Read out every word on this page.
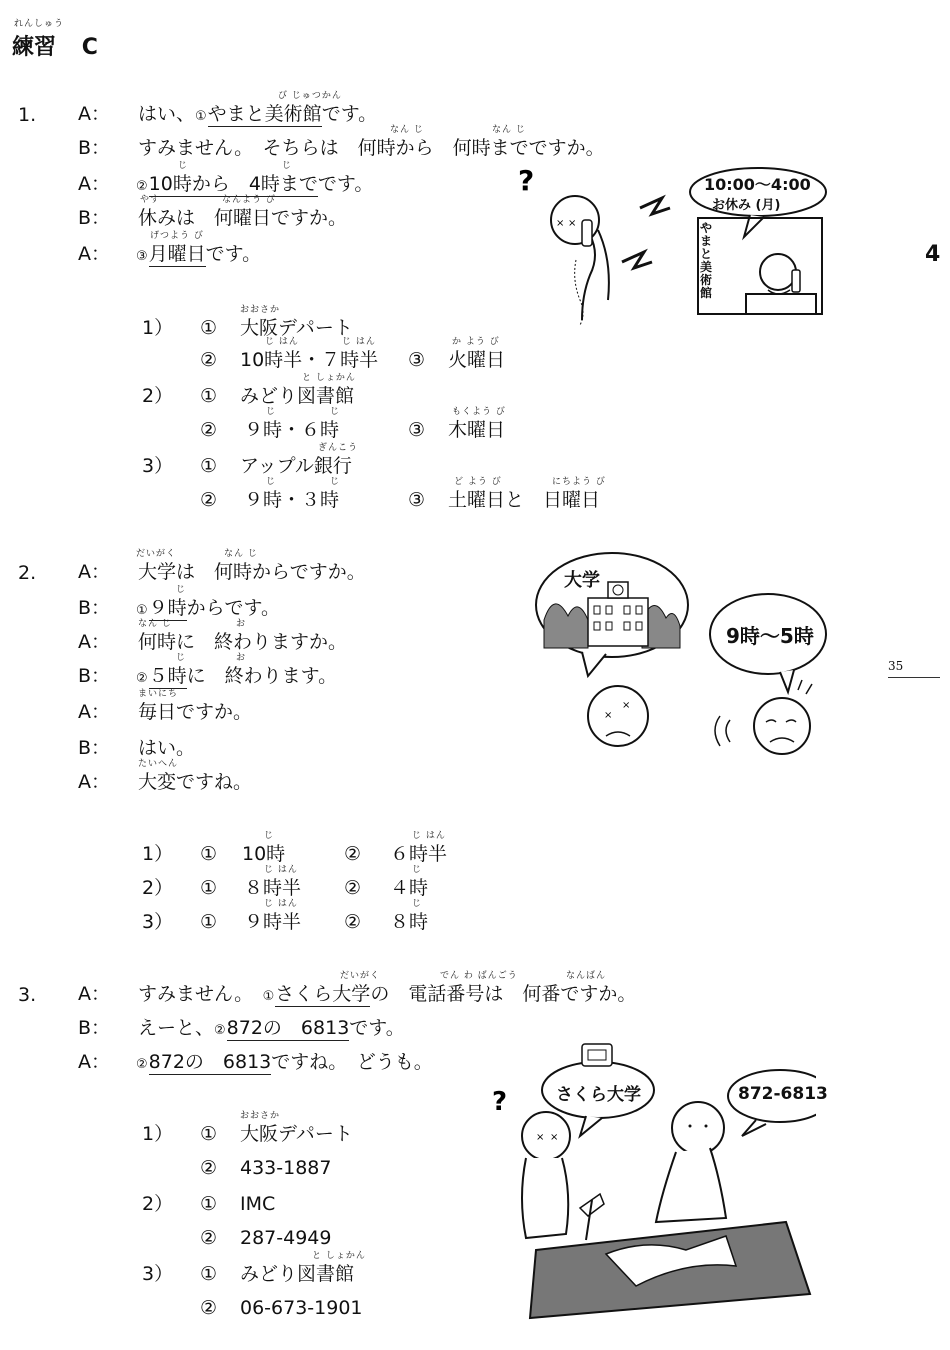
れんしゅう
練習 C
4
35
1. A： はい、①やまと美術館です。
び じゅつかん
B： すみません。　そちらは　何時から　何時までですか。
なん じ	なん じ
A： ②10時から　4時までです。
じ	じ
B： 休みは　何曜日ですか。
やす	なんよう び
A： ③月曜日です。
げつよう び
1） ① 大阪デパート
おおさか
② 10時半・７時半
じ はん	じ はん
③ 火曜日
か よう び
2） ① みどり図書館
と しょかん
② ９時・６時
じ	じ
③ 木曜日
もくよう び
3） ① アップル銀行
ぎんこう
② ９時・３時
じ	じ
③ 土曜日と　日曜日
ど よう び	にちよう び
?
× ×
10:00〜4:00
お休み (月)
やまと美術館
2. A： 大学は　何時からですか。
だいがく	なん じ
B： ①９時からです。
じ
A： 何時に　終わりますか。
なん じ	お
B： ②５時に　終わります。
じ	お
A： 毎日ですか。
まいにち
B： はい。
A： 大変ですね。
たいへん
1） ① 10時
じ
② ６時半
じ はん
2） ① ８時半
じ はん
② ４時
じ
3） ① ９時半
じ はん
② ８時
じ
×
×
大学
9時〜5時
3. A： すみません。　①さくら大学の　電話番号は　何番ですか。
だいがく	でん わ ばんごう	なんばん
B： えーと、②872の　6813です。
A： ②872の　6813ですね。　どうも。
1） ① 大阪デパート
おおさか
② 433-1887
2） ① IMC
② 287-4949
3） ① みどり図書館
と しょかん
② 06-673-1901
?
× ×
さくら大学	872-6813
